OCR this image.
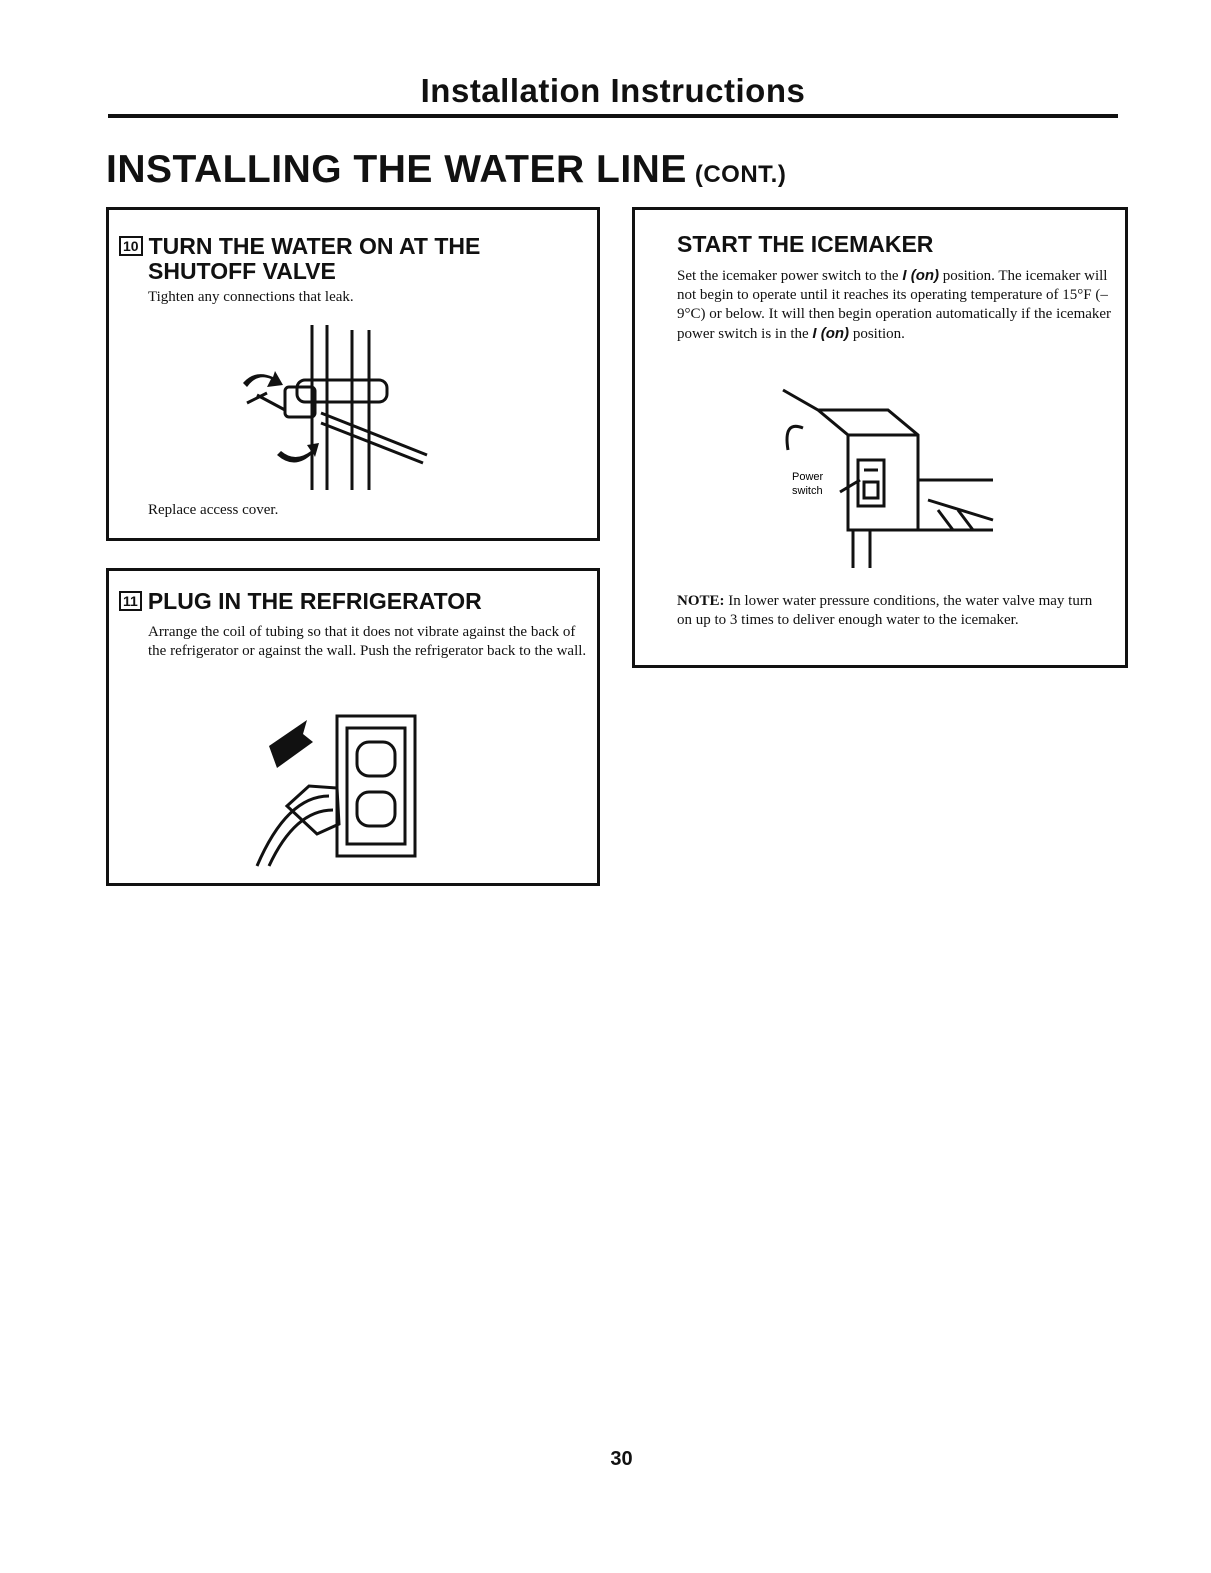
Installation Instructions
INSTALLING THE WATER LINE (CONT.)
10 TURN THE WATER ON AT THE
SHUTOFF VALVE
Tighten any connections that leak.
Replace access cover.
11 PLUG IN THE REFRIGERATOR
Arrange the coil of tubing so that it does not vibrate against the back of the refrigerator or against the wall. Push the refrigerator back to the wall.
START THE ICEMAKER
Set the icemaker power switch to the I (on) position. The icemaker will not begin to operate until it reaches its operating temperature of 15°F (–9°C) or below. It will then begin operation automatically if the icemaker power switch is in the I (on) position.
Power
switch
NOTE: In lower water pressure conditions, the water valve may turn on up to 3 times to deliver enough water to the icemaker.
30
